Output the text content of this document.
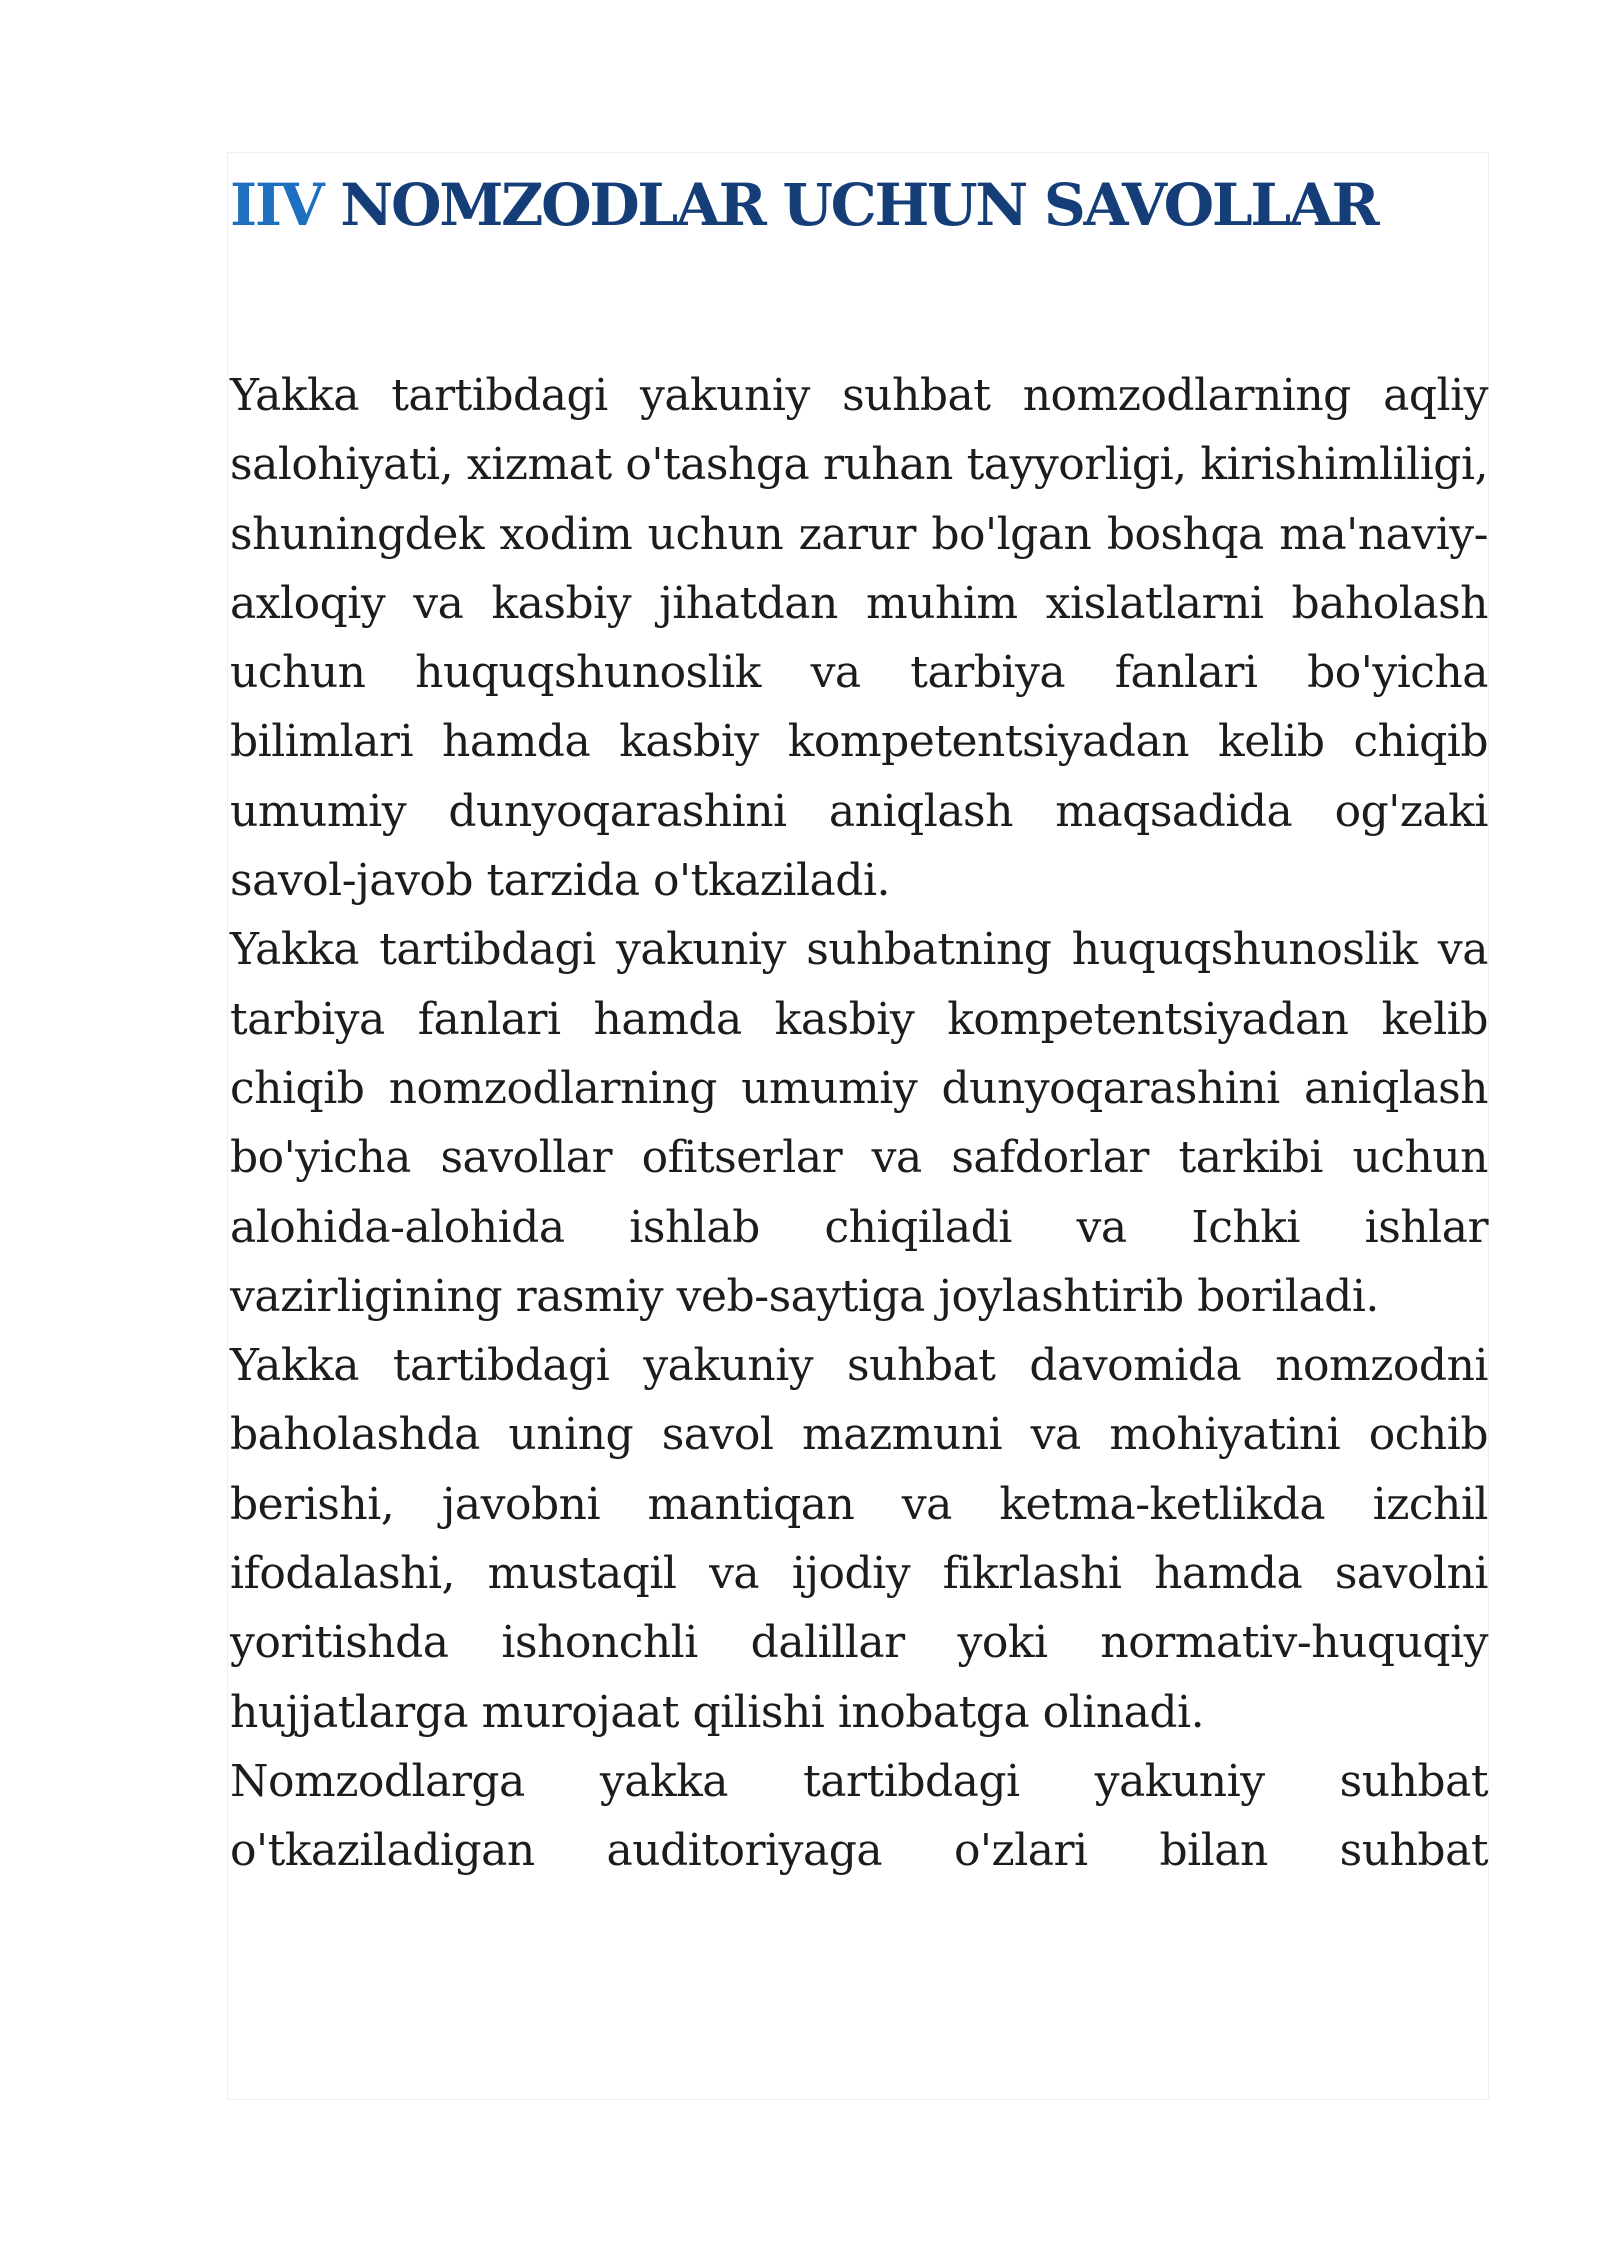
IIV NOMZODLAR UCHUN SAVOLLAR

Yakka tartibdagi yakuniy suhbat nomzodlarning aqliy salohiyati, xizmat o'tashga ruhan tayyorligi, kirishimliligi, shuningdek xodim uchun zarur bo'lgan boshqa ma'naviy-axloqiy va kasbiy jihatdan muhim xislatlarni baholash uchun huquqshunoslik va tarbiya fanlari bo'yicha bilimlari hamda kasbiy kompetentsiyadan kelib chiqib umumiy dunyoqarashini aniqlash maqsadida og'zaki savol-javob tarzida o'tkaziladi.

Yakka tartibdagi yakuniy suhbatning huquqshunoslik va tarbiya fanlari hamda kasbiy kompetentsiyadan kelib chiqib nomzodlarning umumiy dunyoqarashini aniqlash bo'yicha savollar ofitserlar va safdorlar tarkibi uchun alohida-alohida ishlab chiqiladi va Ichki ishlar vazirligining rasmiy veb-saytiga joylashtirib boriladi.

Yakka tartibdagi yakuniy suhbat davomida nomzodni baholashda uning savol mazmuni va mohiyatini ochib berishi, javobni mantiqan va ketma-ketlikda izchil ifodalashi, mustaqil va ijodiy fikrlashi hamda savolni yoritishda ishonchli dalillar yoki normativ-huquqiy hujjatlarga murojaat qilishi inobatga olinadi.

Nomzodlarga yakka tartibdagi yakuniy suhbat o'tkaziladigan auditoriyaga o'zlari bilan suhbat
